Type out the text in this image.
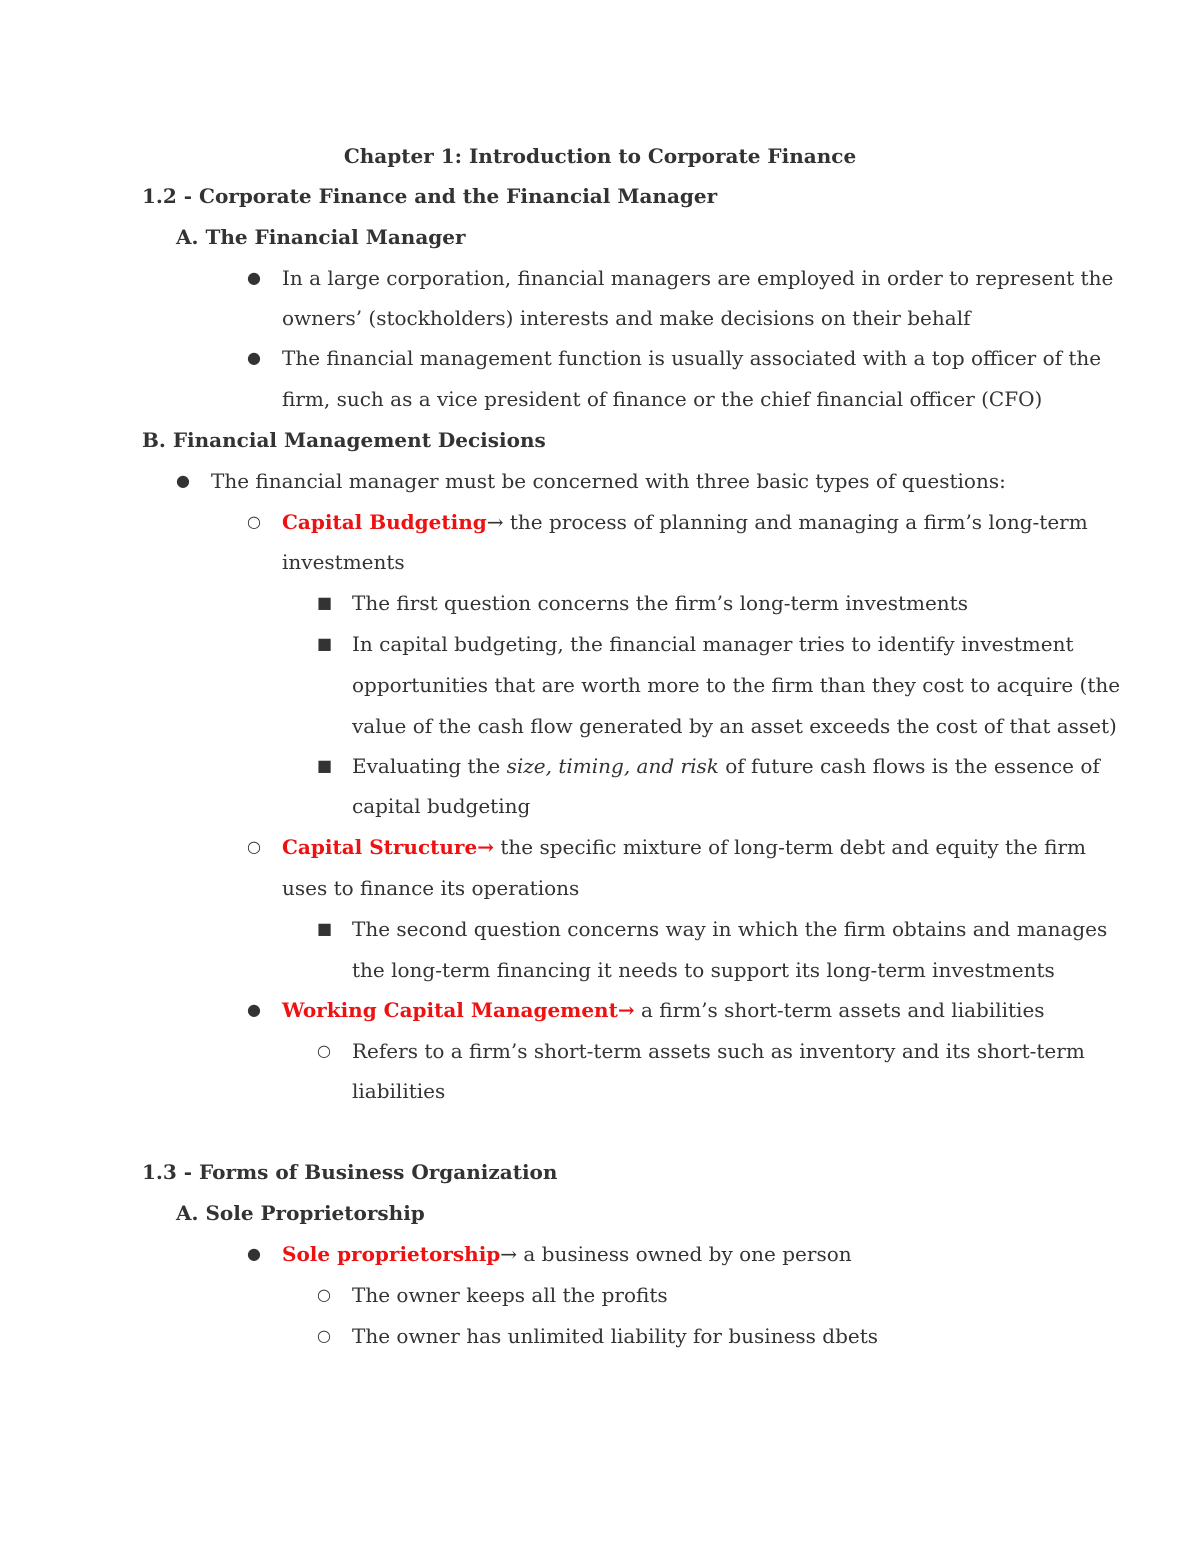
Chapter 1: Introduction to Corporate Finance
1.2 - Corporate Finance and the Financial Manager
A. The Financial Manager
● In a large corporation, financial managers are employed in order to represent the
owners’ (stockholders) interests and make decisions on their behalf
● The financial management function is usually associated with a top officer of the
firm, such as a vice president of finance or the chief financial officer (CFO)
B. Financial Management Decisions
● The financial manager must be concerned with three basic types of questions:
○ Capital Budgeting→ the process of planning and managing a firm’s long-term
investments
■ The first question concerns the firm’s long-term investments
■ In capital budgeting, the financial manager tries to identify investment
opportunities that are worth more to the firm than they cost to acquire (the
value of the cash flow generated by an asset exceeds the cost of that asset)
■ Evaluating the size, timing, and risk of future cash flows is the essence of
capital budgeting
○ Capital Structure→ the specific mixture of long-term debt and equity the firm
uses to finance its operations
■ The second question concerns way in which the firm obtains and manages
the long-term financing it needs to support its long-term investments
● Working Capital Management→ a firm’s short-term assets and liabilities
○ Refers to a firm’s short-term assets such as inventory and its short-term
liabilities
1.3 - Forms of Business Organization
A. Sole Proprietorship
● Sole proprietorship→ a business owned by one person
○ The owner keeps all the profits
○ The owner has unlimited liability for business dbets
